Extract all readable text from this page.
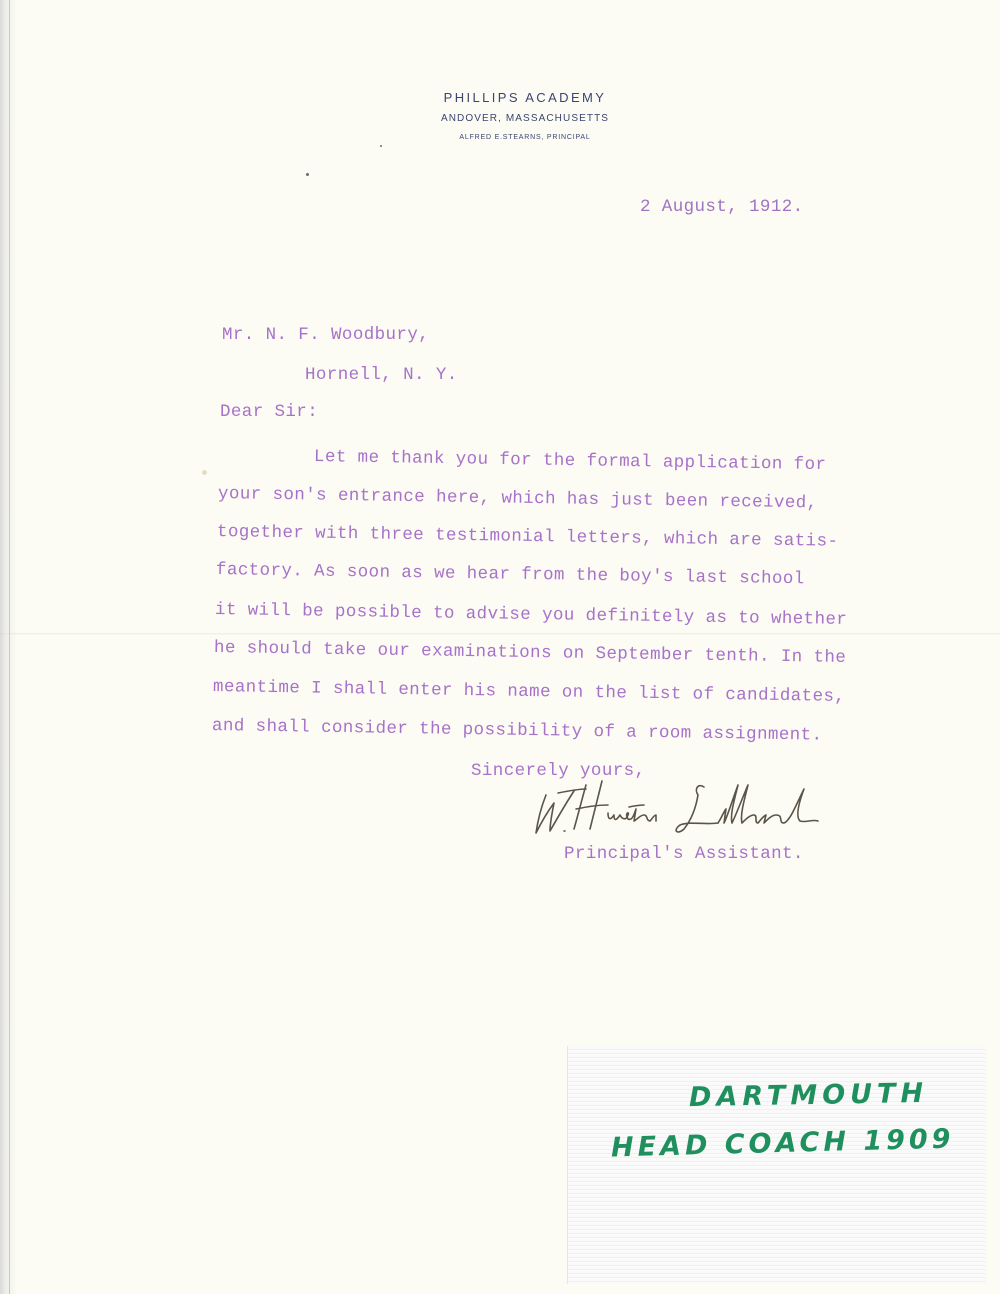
PHILLIPS ACADEMY
ANDOVER, MASSACHUSETTS
ALFRED E.STEARNS, PRINCIPAL
2 August, 1912.
Mr. N. F. Woodbury,
Hornell, N. Y.
Dear Sir:
Let me thank you for the formal application for
your son's entrance here, which has just been received,
together with three testimonial letters, which are satis-
factory. As soon as we hear from the boy's last school
it will be possible to advise you definitely as to whether
he should take our examinations on September tenth. In the
meantime I shall enter his name on the list of candidates,
and shall consider the possibility of a room assignment.
Sincerely yours,
Principal's Assistant.
DARTMOUTH
HEAD COACH 1909
